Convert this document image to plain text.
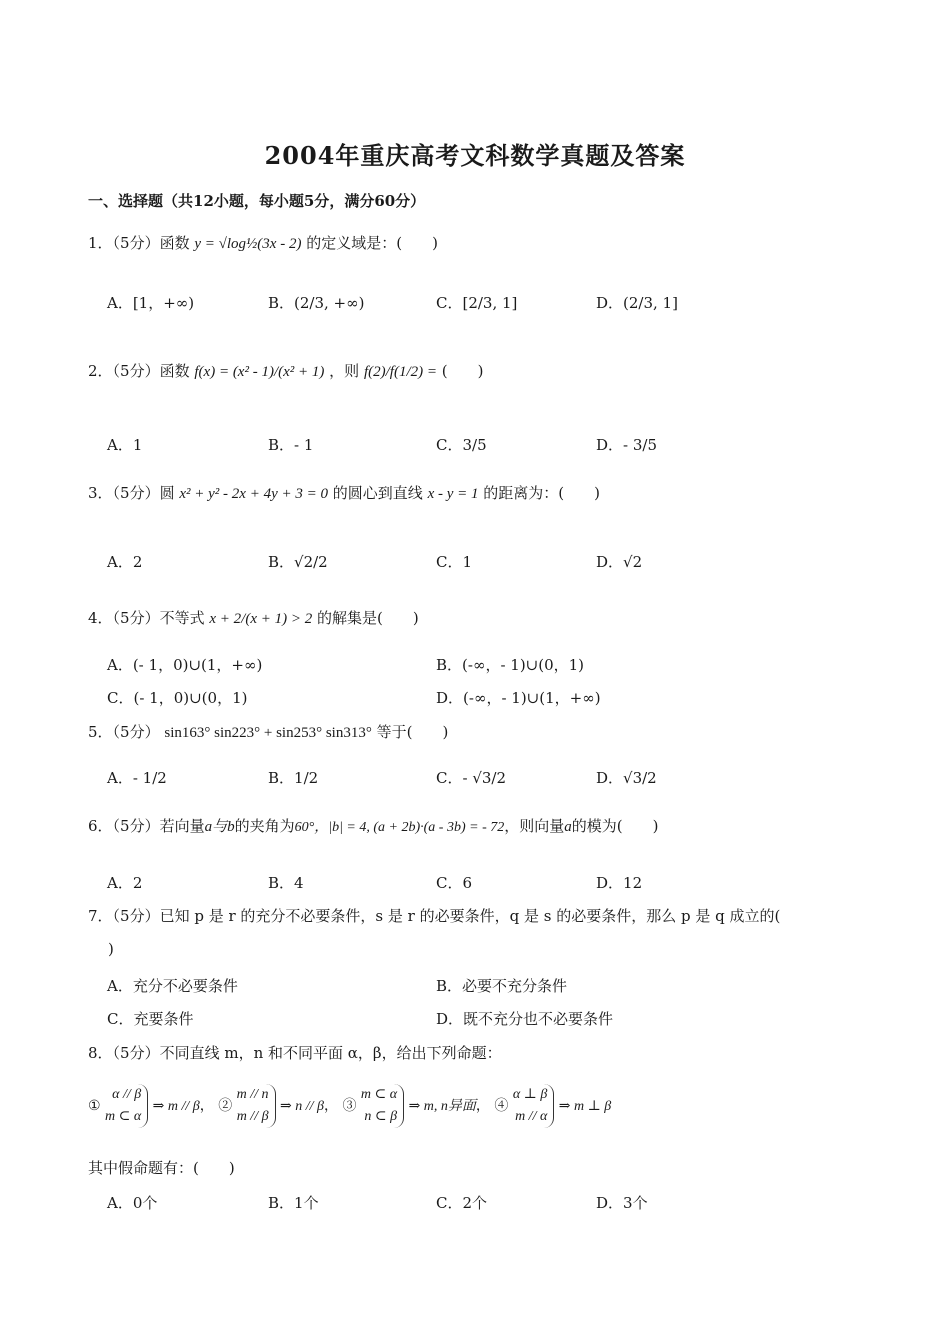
2004年重庆高考文科数学真题及答案
一、选择题（共12小题，每小题5分，满分60分）
1．（5分）函数 y = √log½(3x - 2) 的定义域是：(　　)
A．[1，+∞)	B．(2/3, +∞)	C．[2/3, 1]	D．(2/3, 1]
2．（5分）函数 f(x) = (x² - 1)/(x² + 1) ，则 f(2)/f(1/2) = (　　)
A．1	B．- 1	C．3/5	D．- 3/5
3．（5分）圆 x² + y² - 2x + 4y + 3 = 0 的圆心到直线 x - y = 1 的距离为：(　　)
A．2	B．√2/2	C．1	D．√2
4．（5分）不等式 x + 2/(x + 1) > 2 的解集是(　　)
A．(- 1，0)∪(1，+∞)	B．(-∞，- 1)∪(0，1)
C．(- 1，0)∪(0，1)	D．(-∞，- 1)∪(1，+∞)
5．（5分） sin163° sin223° + sin253° sin313° 等于(　　)
A．- 1/2	B．1/2	C．- √3/2	D．√3/2
6．（5分）若向量a与b的夹角为60°，|b| = 4, (a + 2b)·(a - 3b) = - 72，则向量a的模为(　　)
A．2	B．4	C．6	D．12
7．（5分）已知 p 是 r 的充分不必要条件，s 是 r 的必要条件，q 是 s 的必要条件，那么 p 是 q 成立的(
)
A．充分不必要条件	B．必要不充分条件
C．充要条件	D．既不充分也不必要条件
8．（5分）不同直线 m，n 和不同平面 α，β，给出下列命题：
①
α // β
m ⊂ α
⇒ m // β， ②
m // n
m // β
⇒ n // β， ③
m ⊂ α
n ⊂ β
⇒ m, n异面， ④
α ⊥ β
m // α
⇒ m ⊥ β
其中假命题有：(　　)
A．0个	B．1个	C．2个	D．3个
